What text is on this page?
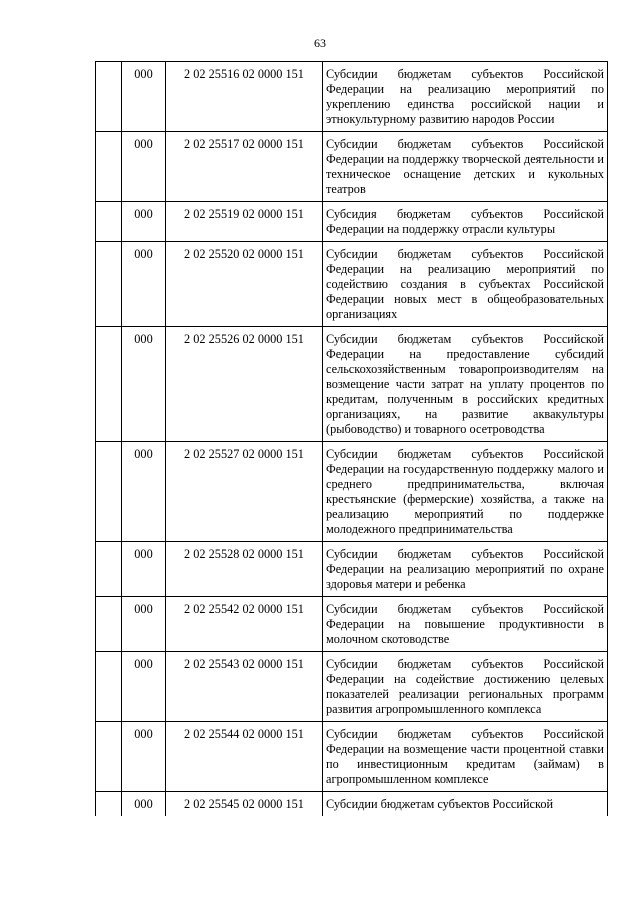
63
	000	2 02 25516 02 0000 151	Субсидии бюджетам субъектов Российской Федерации на реализацию мероприятий по укреплению единства российской нации и этнокультурному развитию народов России
	000	2 02 25517 02 0000 151	Субсидии бюджетам субъектов Российской Федерации на поддержку творческой деятельности и техническое оснащение детских и кукольных театров
	000	2 02 25519 02 0000 151	Субсидия бюджетам субъектов Российской Федерации на поддержку отрасли культуры
	000	2 02 25520 02 0000 151	Субсидии бюджетам субъектов Российской Федерации на реализацию мероприятий по содействию создания в субъектах Российской Федерации новых мест в общеобразовательных организациях
	000	2 02 25526 02 0000 151	Субсидии бюджетам субъектов Российской Федерации на предоставление субсидий сельскохозяйственным товаропроизводителям на возмещение части затрат на уплату процентов по кредитам, полученным в российских кредитных организациях, на развитие аквакультуры (рыбоводство) и товарного осетроводства
	000	2 02 25527 02 0000 151	Субсидии бюджетам субъектов Российской Федерации на государственную поддержку малого и среднего предпринимательства, включая крестьянские (фермерские) хозяйства, а также на реализацию мероприятий по поддержке молодежного предпринимательства
	000	2 02 25528 02 0000 151	Субсидии бюджетам субъектов Российской Федерации на реализацию мероприятий по охране здоровья матери и ребенка
	000	2 02 25542 02 0000 151	Субсидии бюджетам субъектов Российской Федерации на повышение продуктивности в молочном скотоводстве
	000	2 02 25543 02 0000 151	Субсидии бюджетам субъектов Российской Федерации на содействие достижению целевых показателей реализации региональных программ развития агропромышленного комплекса
	000	2 02 25544 02 0000 151	Субсидии бюджетам субъектов Российской Федерации на возмещение части процентной ставки по инвестиционным кредитам (займам) в агропромышленном комплексе
	000	2 02 25545 02 0000 151	Субсидии бюджетам субъектов Российской
